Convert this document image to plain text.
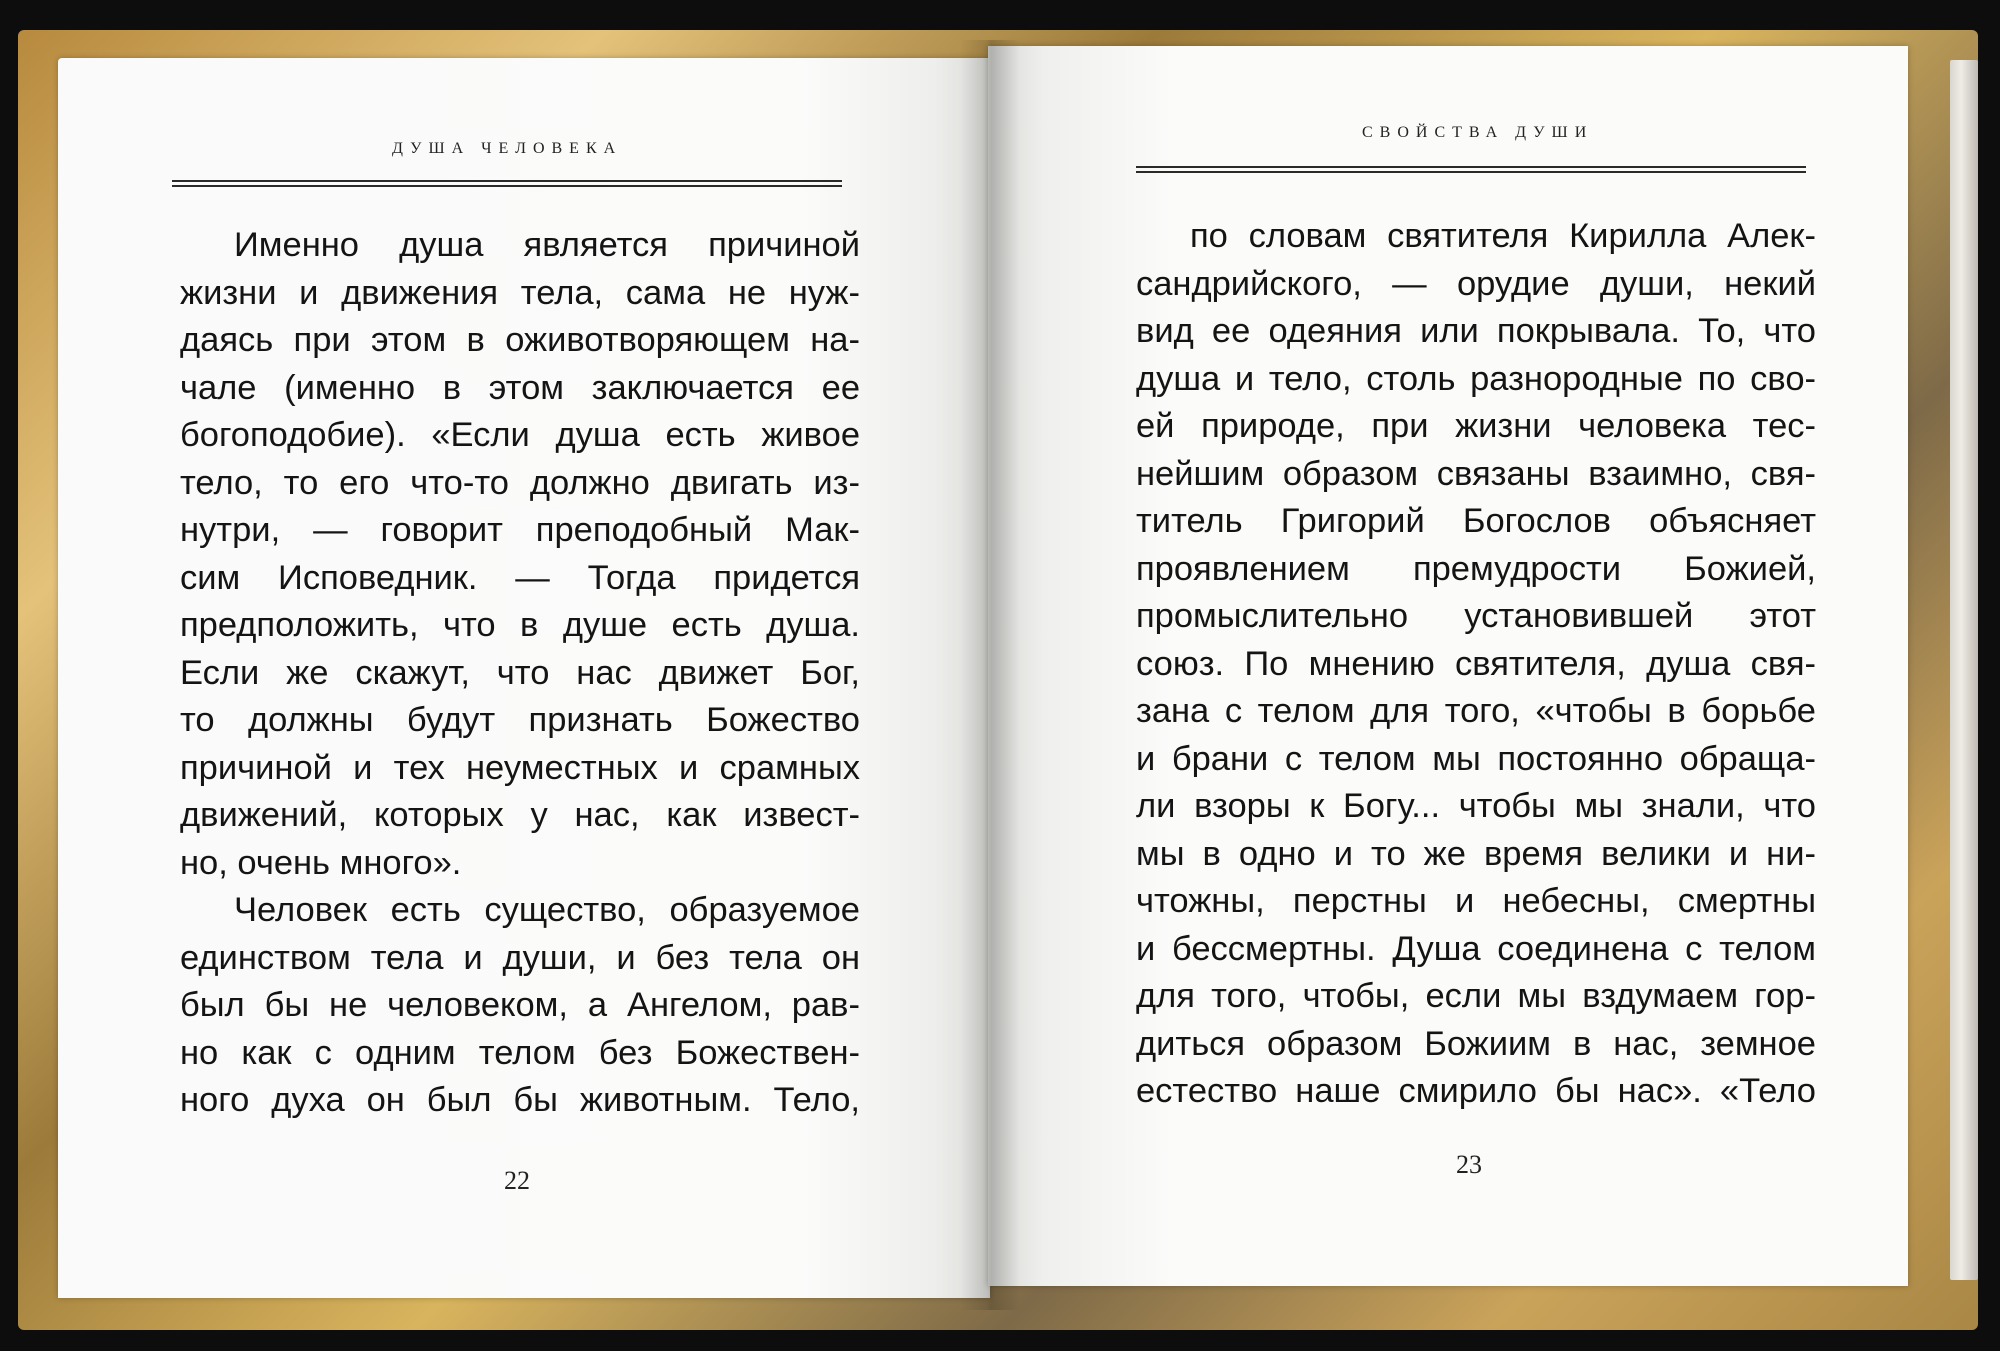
ДУША ЧЕЛОВЕКА
СВОЙСТВА ДУШИ
Именно душа является причиной
жизни и движения тела, сама не нуж-
даясь при этом в оживотворяющем на-
чале (именно в этом заключается ее
богоподобие). «Если душа есть живое
тело, то его что-то должно двигать из-
нутри, — говорит преподобный Мак-
сим Исповедник. — Тогда придется
предположить, что в душе есть душа.
Если же скажут, что нас движет Бог,
то должны будут признать Божество
причиной и тех неуместных и срамных
движений, которых у нас, как извест-
но, очень много».
Человек есть существо, образуемое
единством тела и души, и без тела он
был бы не человеком, а Ангелом, рав-
но как с одним телом без Божествен-
ного духа он был бы животным. Тело,
по словам святителя Кирилла Алек-
сандрийского, — орудие души, некий
вид ее одеяния или покрывала. То, что
душа и тело, столь разнородные по сво-
ей природе, при жизни человека тес-
нейшим образом связаны взаимно, свя-
титель Григорий Богослов объясняет
проявлением премудрости Божией,
промыслительно установившей этот
союз. По мнению святителя, душа свя-
зана с телом для того, «чтобы в борьбе
и брани с телом мы постоянно обраща-
ли взоры к Богу... чтобы мы знали, что
мы в одно и то же время велики и ни-
чтожны, перстны и небесны, смертны
и бессмертны. Душа соединена с телом
для того, чтобы, если мы вздумаем гор-
диться образом Божиим в нас, земное
естество наше смирило бы нас». «Тело
22
23
